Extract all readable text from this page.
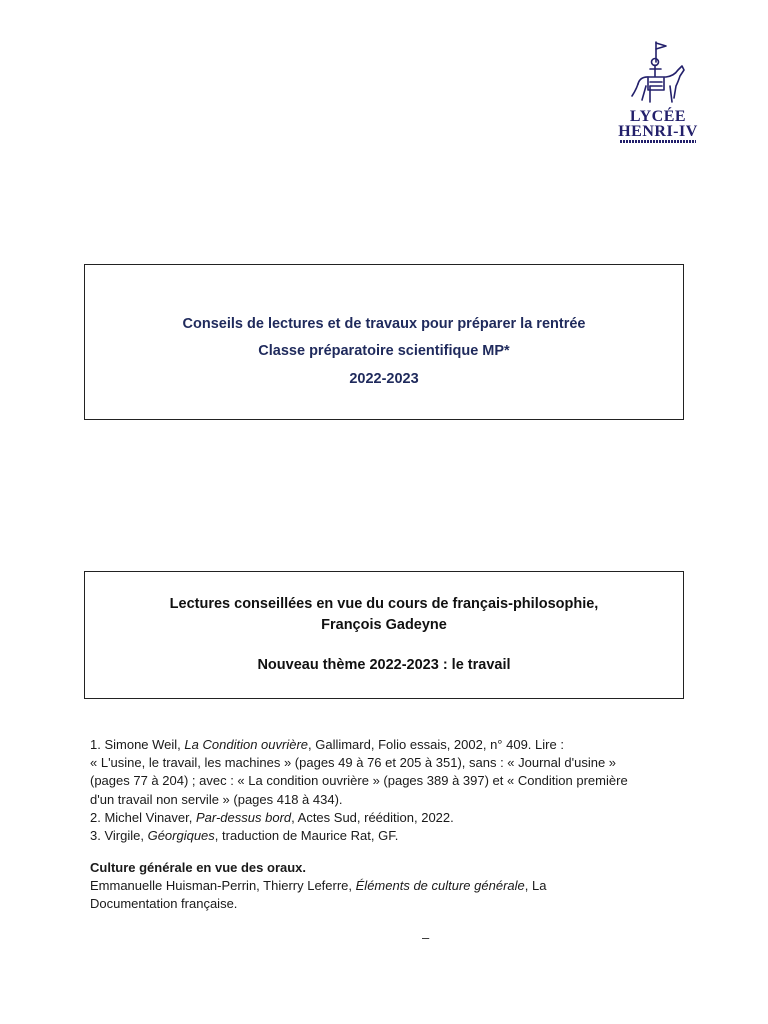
LYCÉE
HENRI-IV
Conseils de lectures et de travaux pour préparer la rentrée
Classe préparatoire scientifique MP*
2022-2023
Lectures conseillées en vue du cours de français-philosophie,
François Gadeyne
Nouveau thème 2022-2023 : le travail

1. Simone Weil, La Condition ouvrière, Gallimard, Folio essais, 2002, n° 409. Lire :

« L'usine, le travail, les machines » (pages 49 à 76 et 205 à 351), sans : « Journal d'usine »

(pages 77 à 204) ; avec : « La condition ouvrière » (pages 389 à 397) et « Condition première

d'un travail non servile » (pages 418 à 434).

2. Michel Vinaver, Par-dessus bord, Actes Sud, réédition, 2022.

3. Virgile, Géorgiques, traduction de Maurice Rat, GF.

Culture générale en vue des oraux.

Emmanuelle Huisman-Perrin, Thierry Leferre, Éléments de culture générale, La

Documentation française.

–
